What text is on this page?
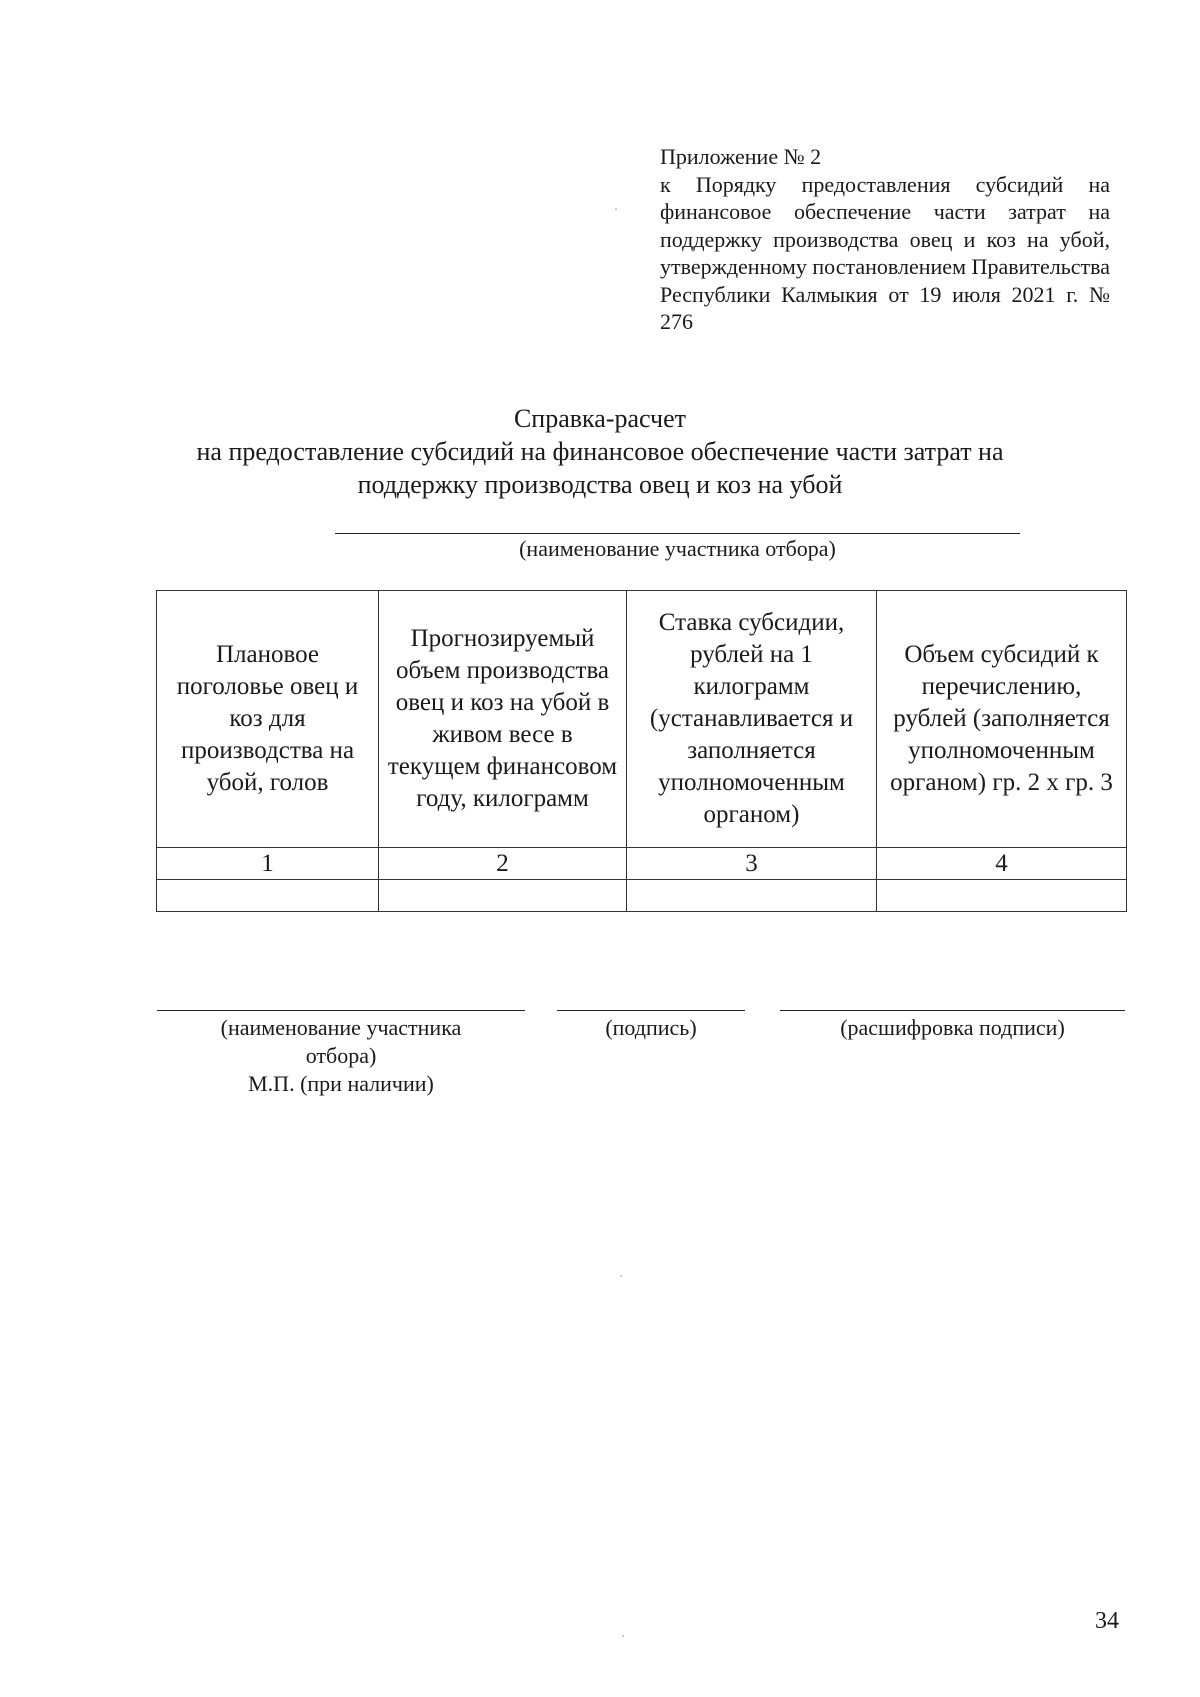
Приложение № 2
к Порядку предоставления субсидий на финансовое обеспечение части затрат на поддержку производства овец и коз на убой, утвержденному постановлением Правительства Республики Калмыкия от 19 июля 2021 г. № 276
Справка-расчет
на предоставление субсидий на финансовое обеспечение части затрат на
поддержку производства овец и коз на убой
(наименование участника отбора)
Плановое поголовье овец и коз для производства на убой, голов	Прогнозируемый объем производства овец и коз на убой в живом весе в текущем финансовом году, килограмм	Ставка субсидии, рублей на 1 килограмм (устанавливается и заполняется уполномоченным органом)	Объем субсидий к перечислению, рублей (заполняется уполномоченным органом) гр. 2 х гр. 3
1	2	3	4

(наименование участника отбора)
М.П. (при наличии)
(подпись)	(расшифровка подписи)
34
